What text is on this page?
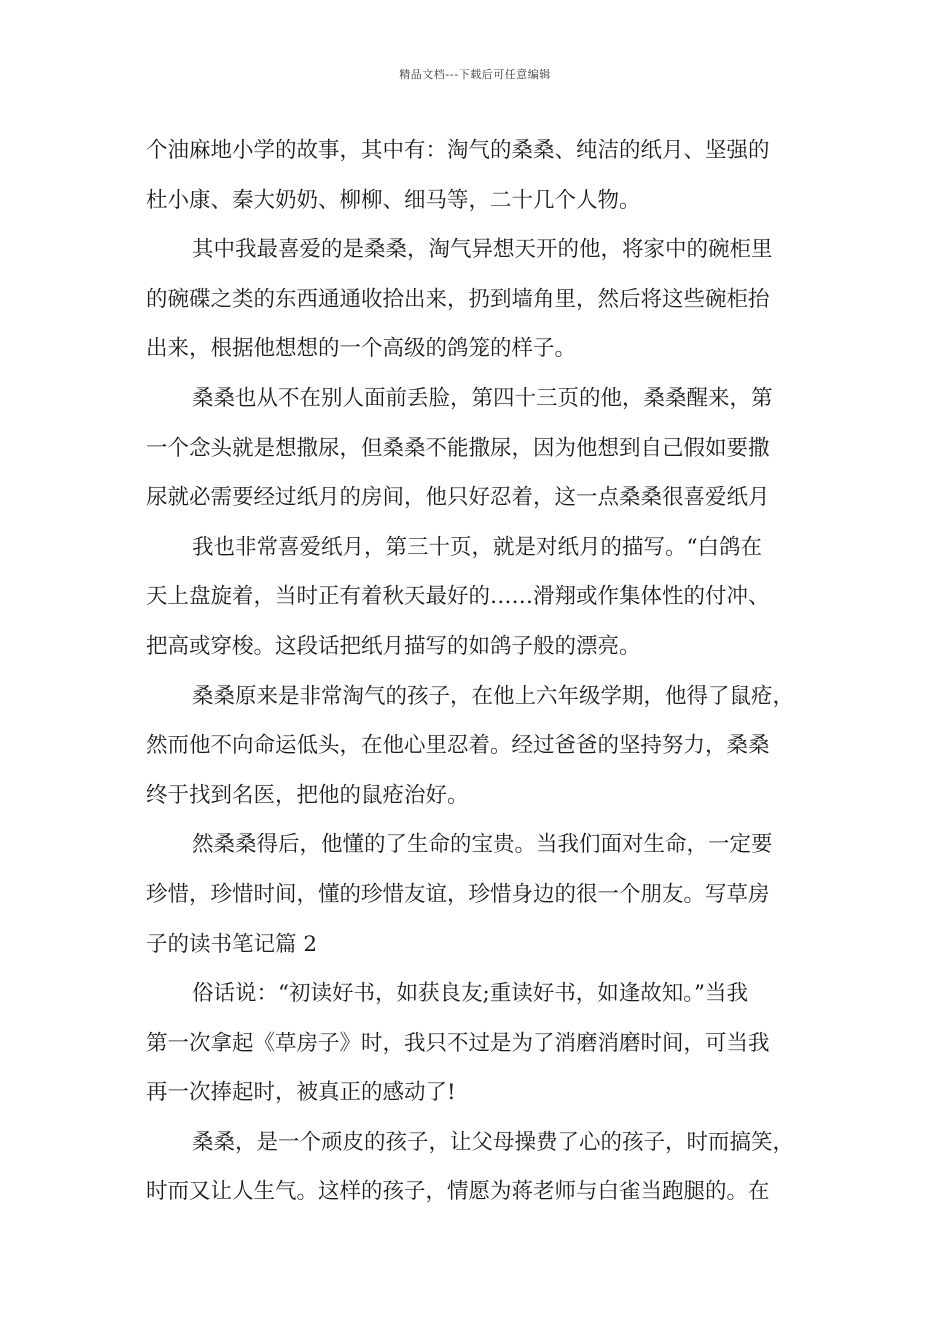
精品文档---下载后可任意编辑
个油麻地小学的故事，其中有：淘气的桑桑、纯洁的纸月、坚强的
杜小康、秦大奶奶、柳柳、细马等，二十几个人物。
其中我最喜爱的是桑桑，淘气异想天开的他，将家中的碗柜里
的碗碟之类的东西通通收拾出来，扔到墙角里，然后将这些碗柜抬
出来，根据他想想的一个高级的鸽笼的样子。
桑桑也从不在别人面前丢脸，第四十三页的他，桑桑醒来，第
一个念头就是想撒尿，但桑桑不能撒尿，因为他想到自己假如要撒
尿就必需要经过纸月的房间，他只好忍着，这一点桑桑很喜爱纸月
我也非常喜爱纸月，第三十页，就是对纸月的描写。“白鸽在
天上盘旋着，当时正有着秋天最好的……滑翔或作集体性的付冲、
把高或穿梭。这段话把纸月描写的如鸽子般的漂亮。
桑桑原来是非常淘气的孩子，在他上六年级学期，他得了鼠疮，
然而他不向命运低头，在他心里忍着。经过爸爸的坚持努力，桑桑
终于找到名医，把他的鼠疮治好。
然桑桑得后，他懂的了生命的宝贵。当我们面对生命，一定要
珍惜，珍惜时间，懂的珍惜友谊，珍惜身边的很一个朋友。写草房
子的读书笔记篇 2
俗话说：“初读好书，如获良友;重读好书，如逢故知。”当我
第一次拿起《草房子》时，我只不过是为了消磨消磨时间，可当我
再一次捧起时，被真正的感动了!
桑桑，是一个顽皮的孩子，让父母操费了心的孩子，时而搞笑，
时而又让人生气。这样的孩子，情愿为蒋老师与白雀当跑腿的。在
